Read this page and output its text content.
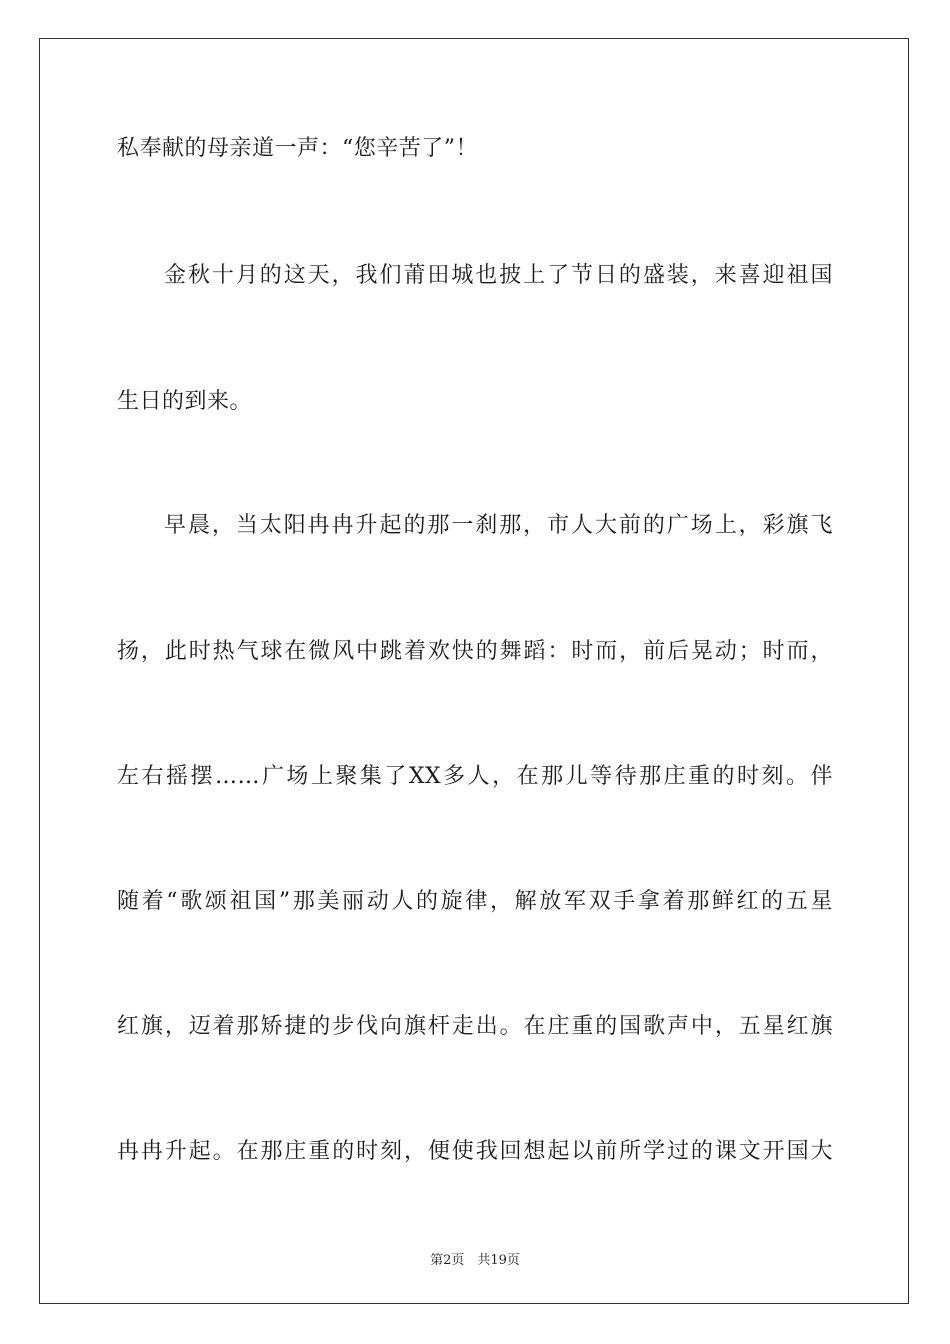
私奉献的母亲道一声：“您辛苦了”！

金秋十月的这天，我们莆田城也披上了节日的盛装，来喜迎祖国

生日的到来。

早晨，当太阳冉冉升起的那一刹那，市人大前的广场上，彩旗飞

扬，此时热气球在微风中跳着欢快的舞蹈：时而，前后晃动；时而，

左右摇摆……广场上聚集了XX多人，在那儿等待那庄重的时刻。伴

随着“歌颂祖国”那美丽动人的旋律，解放军双手拿着那鲜红的五星

红旗，迈着那矫捷的步伐向旗杆走出。在庄重的国歌声中，五星红旗

冉冉升起。在那庄重的时刻，便使我回想起以前所学过的课文开国大

第2页　共19页
